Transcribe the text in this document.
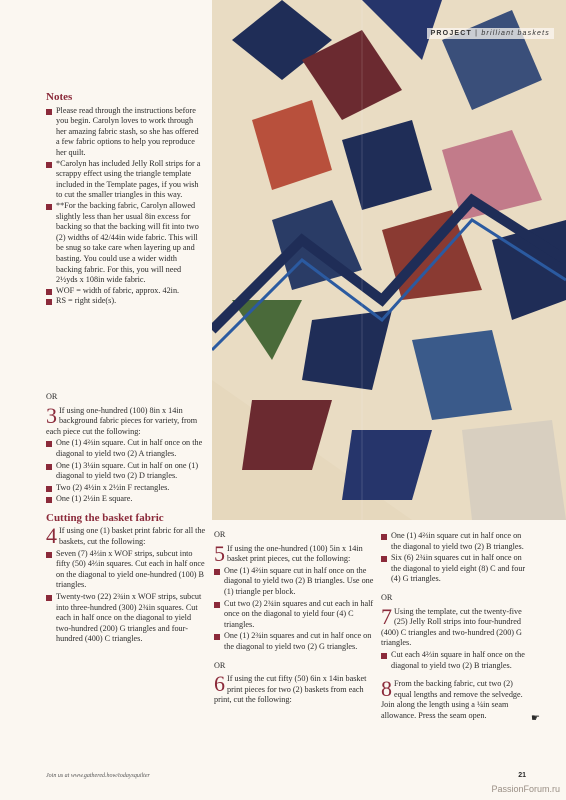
PROJECT | brilliant baskets
Notes

Please read through the instructions before you begin. Carolyn loves to work through her amazing fabric stash, so she has offered a few fabric options to help you reproduce her quilt.

*Carolyn has included Jelly Roll strips for a scrappy effect using the triangle template included in the Template pages, if you wish to cut the smaller triangles in this way.

**For the backing fabric, Carolyn allowed slightly less than her usual 8in excess for backing so that the backing will fit into two (2) widths of 42/44in wide fabric. This will be snug so take care when layering up and basting. You could use a wider width backing fabric. For this, you will need 2½yds x 108in wide fabric.

WOF = width of fabric, approx. 42in.

RS = right side(s).

OR

3 If using one-hundred (100) 8in x 14in background fabric pieces for variety, from each piece cut the following:

One (1) 4⅔in square. Cut in half once on the diagonal to yield two (2) A triangles.

One (1) 3¼in square. Cut in half on one (1) diagonal to yield two (2) D triangles.

Two (2) 4½in x 2½in F rectangles.

One (1) 2½in E square.

Cutting the basket fabric

4 If using one (1) basket print fabric for all the baskets, cut the following:

Seven (7) 4⅔in x WOF strips, subcut into fifty (50) 4⅔in squares. Cut each in half once on the diagonal to yield one-hundred (100) B triangles.

Twenty-two (22) 2¾in x WOF strips, subcut into three-hundred (300) 2¾in squares. Cut each in half once on the diagonal to yield two-hundred (200) G triangles and four-hundred (400) C triangles.

OR

5 If using the one-hundred (100) 5in x 14in basket print pieces, cut the following:

One (1) 4⅔in square cut in half once on the diagonal to yield two (2) B triangles. Use one (1) triangle per block.

Cut two (2) 2¾in squares and cut each in half once on the diagonal to yield four (4) C triangles.

One (1) 2¾in squares and cut in half once on the diagonal to yield two (2) G triangles.

OR

6 If using the cut fifty (50) 6in x 14in basket print pieces for two (2) baskets from each print, cut the following:

One (1) 4⅔in square cut in half once on the diagonal to yield two (2) B triangles.

Six (6) 2¾in squares cut in half once on the diagonal to yield eight (8) C and four (4) G triangles.

OR

7 Using the template, cut the twenty-five (25) Jelly Roll strips into four-hundred (400) C triangles and two-hundred (200) G triangles.

Cut each 4⅔in square in half once on the diagonal to yield two (2) B triangles.

8 From the backing fabric, cut two (2) equal lengths and remove the selvedge. Join along the length using a ¼in seam allowance. Press the seam open.	☛
Join us at www.gathered.how/todaysquilter	21
PassionForum.ru
